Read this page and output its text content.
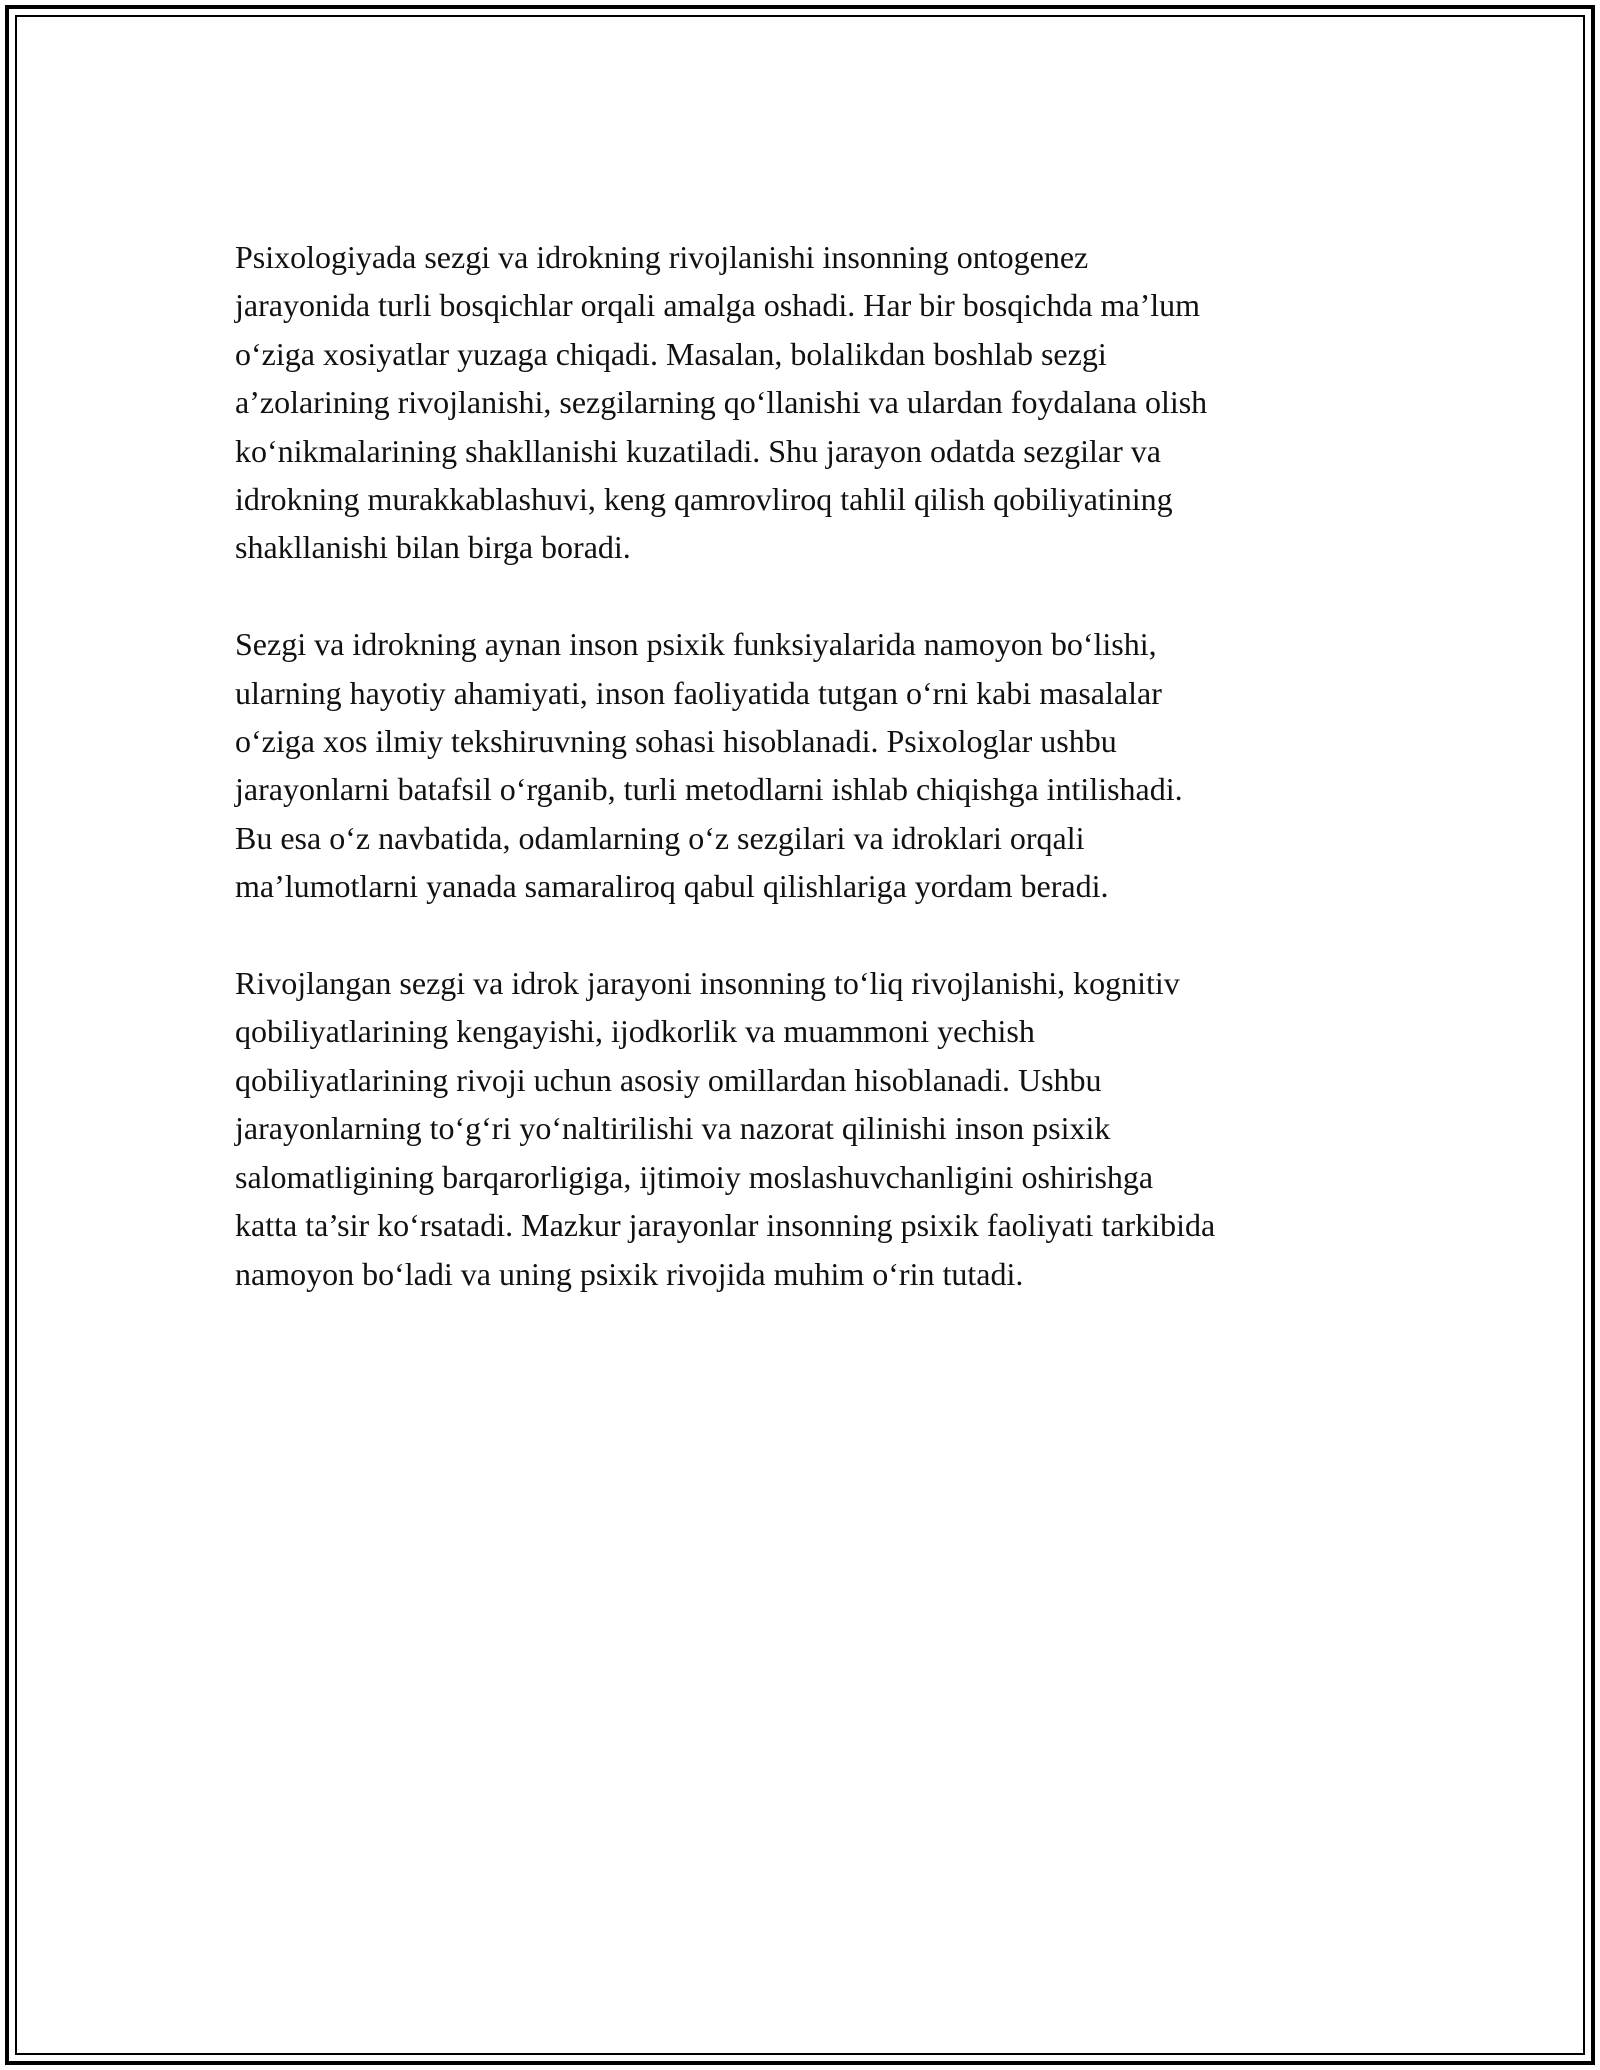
Psixologiyada sezgi va idrokning rivojlanishi insonning ontogenez
jarayonida turli bosqichlar orqali amalga oshadi. Har bir bosqichda ma’lum
o‘ziga xosiyatlar yuzaga chiqadi. Masalan, bolalikdan boshlab sezgi
a’zolarining rivojlanishi, sezgilarning qo‘llanishi va ulardan foydalana olish
ko‘nikmalarining shakllanishi kuzatiladi. Shu jarayon odatda sezgilar va
idrokning murakkablashuvi, keng qamrovliroq tahlil qilish qobiliyatining
shakllanishi bilan birga boradi.

Sezgi va idrokning aynan inson psixik funksiyalarida namoyon bo‘lishi,
ularning hayotiy ahamiyati, inson faoliyatida tutgan o‘rni kabi masalalar
o‘ziga xos ilmiy tekshiruvning sohasi hisoblanadi. Psixologlar ushbu
jarayonlarni batafsil o‘rganib, turli metodlarni ishlab chiqishga intilishadi.
Bu esa o‘z navbatida, odamlarning o‘z sezgilari va idroklari orqali
ma’lumotlarni yanada samaraliroq qabul qilishlariga yordam beradi.

Rivojlangan sezgi va idrok jarayoni insonning to‘liq rivojlanishi, kognitiv
qobiliyatlarining kengayishi, ijodkorlik va muammoni yechish
qobiliyatlarining rivoji uchun asosiy omillardan hisoblanadi. Ushbu
jarayonlarning to‘g‘ri yo‘naltirilishi va nazorat qilinishi inson psixik
salomatligining barqarorligiga, ijtimoiy moslashuvchanligini oshirishga
katta ta’sir ko‘rsatadi. Mazkur jarayonlar insonning psixik faoliyati tarkibida
namoyon bo‘ladi va uning psixik rivojida muhim o‘rin tutadi.
